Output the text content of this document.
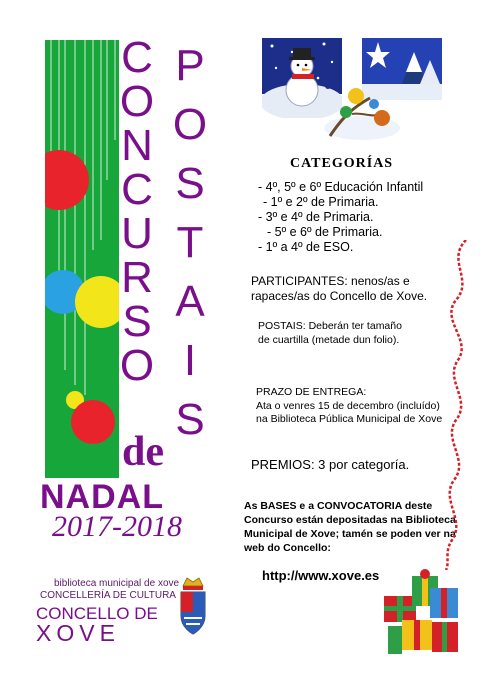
C
O
N
C
U
R
S
O
P
O
S
T
A
I
S
de
NADAL
2017-2018
CATEGORÍAS
- 4º, 5º e 6º Educación Infantil
- 1º e 2º de Primaria.
- 3º e 4º de Primaria.
- 5º e 6º de Primaria.
- 1º a 4º de ESO.
PARTICIPANTES: nenos/as e
rapaces/as do Concello de Xove.
POSTAIS: Deberán ter tamaño
de cuartilla (metade dun folio).
PRAZO DE ENTREGA:
Ata o venres 15 de decembro (incluído)
na Biblioteca Pública Municipal de Xove
PREMIOS: 3 por categoría.
As BASES e a CONVOCATORIA deste
Concurso están depositadas na Biblioteca
Municipal de Xove; tamén se poden ver na
web do Concello:
http://www.xove.es
biblioteca municipal de xove
CONCELLERÍA DE CULTURA
CONCELLO DE
XOVE
